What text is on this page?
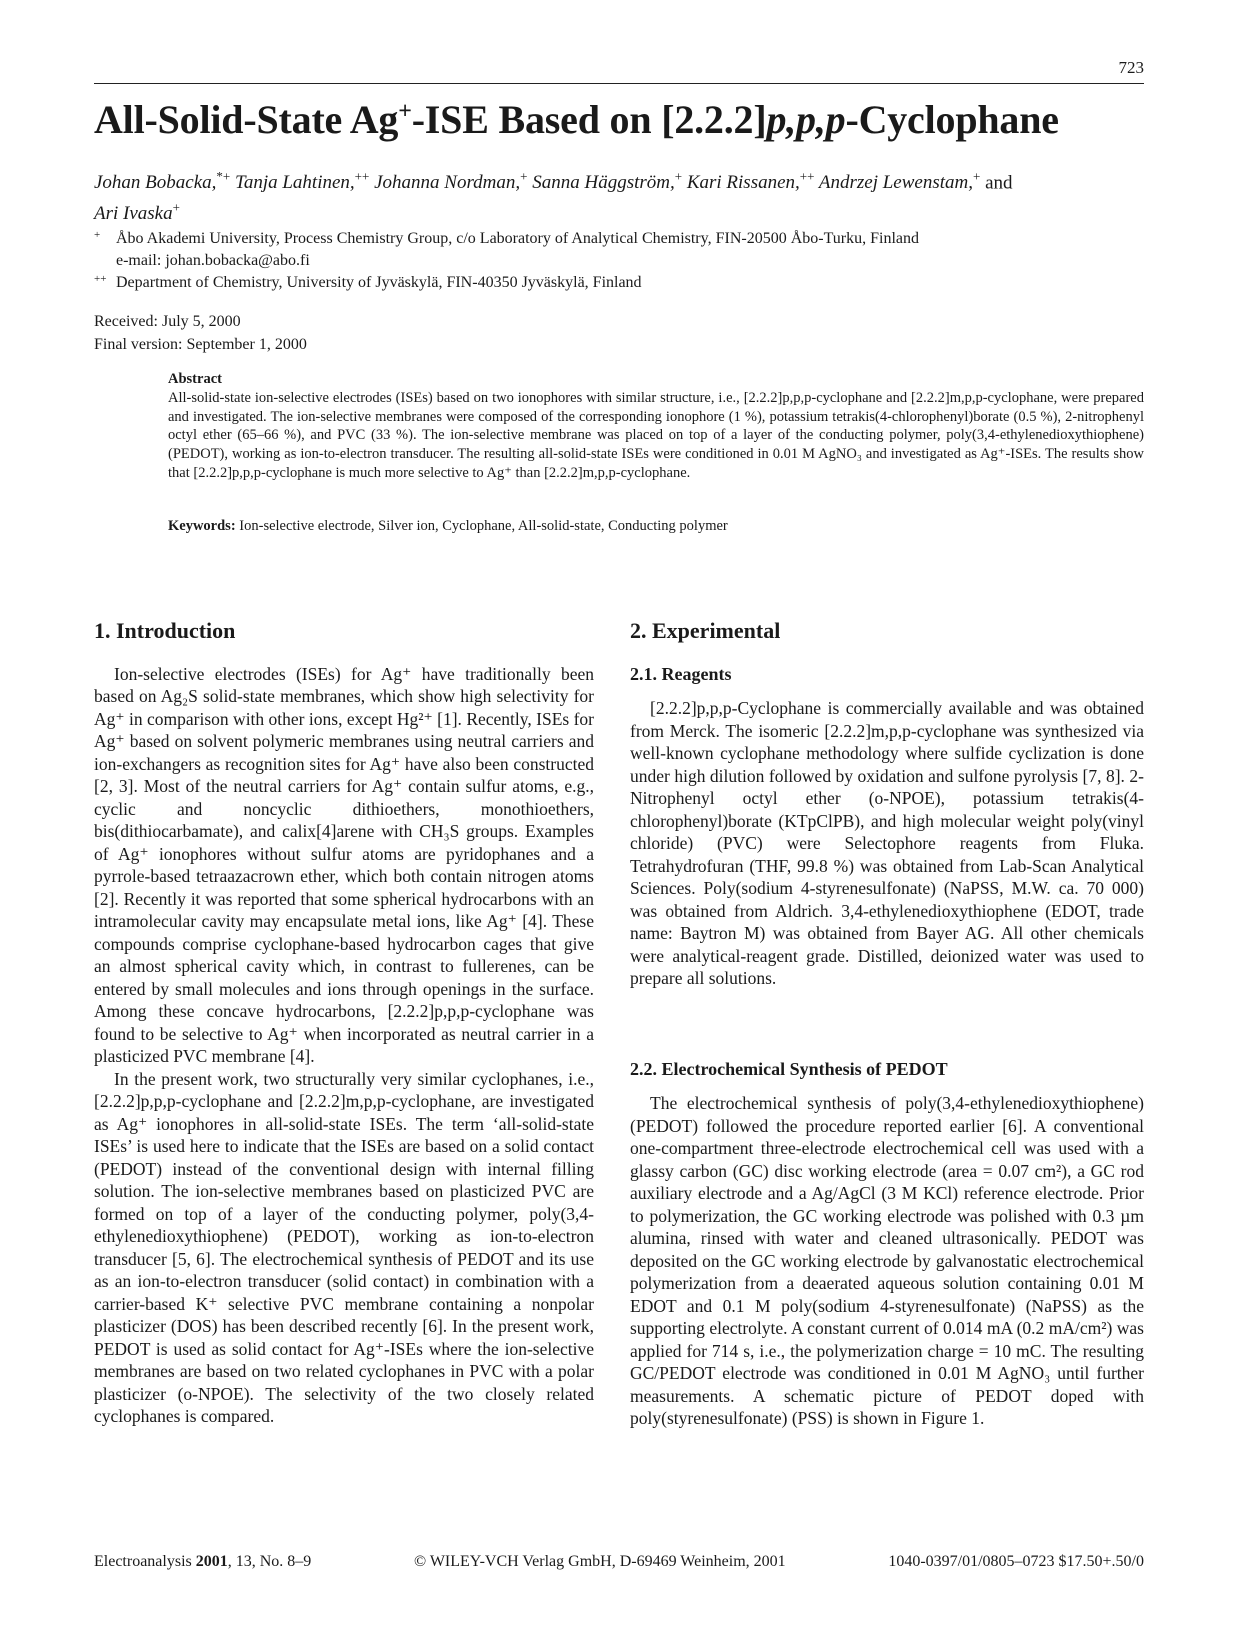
723
All-Solid-State Ag+-ISE Based on [2.2.2]p,p,p-Cyclophane
Johan Bobacka,*+ Tanja Lahtinen,++ Johanna Nordman,+ Sanna Häggström,+ Kari Rissanen,++ Andrzej Lewenstam,+ and
Ari Ivaska+
+ Åbo Akademi University, Process Chemistry Group, c/o Laboratory of Analytical Chemistry, FIN-20500 Åbo-Turku, Finland
e-mail: johan.bobacka@abo.fi
++ Department of Chemistry, University of Jyväskylä, FIN-40350 Jyväskylä, Finland
Received: July 5, 2000
Final version: September 1, 2000
Abstract
All-solid-state ion-selective electrodes (ISEs) based on two ionophores with similar structure, i.e., [2.2.2]p,p,p-cyclophane and [2.2.2]m,p,p-cyclophane, were prepared and investigated. The ion-selective membranes were composed of the corresponding ionophore (1 %), potassium tetrakis(4-chlorophenyl)borate (0.5 %), 2-nitrophenyl octyl ether (65–66 %), and PVC (33 %). The ion-selective membrane was placed on top of a layer of the conducting polymer, poly(3,4-ethylenedioxythiophene) (PEDOT), working as ion-to-electron transducer. The resulting all-solid-state ISEs were conditioned in 0.01 M AgNO₃ and investigated as Ag⁺-ISEs. The results show that [2.2.2]p,p,p-cyclophane is much more selective to Ag⁺ than [2.2.2]m,p,p-cyclophane.
Keywords: Ion-selective electrode, Silver ion, Cyclophane, All-solid-state, Conducting polymer
1. Introduction

Ion-selective electrodes (ISEs) for Ag⁺ have traditionally been based on Ag₂S solid-state membranes, which show high selectivity for Ag⁺ in comparison with other ions, except Hg²⁺ [1]. Recently, ISEs for Ag⁺ based on solvent polymeric membranes using neutral carriers and ion-exchangers as recognition sites for Ag⁺ have also been constructed [2, 3]. Most of the neutral carriers for Ag⁺ contain sulfur atoms, e.g., cyclic and noncyclic dithioethers, monothioethers, bis(dithiocarbamate), and calix[4]arene with CH₃S groups. Examples of Ag⁺ ionophores without sulfur atoms are pyridophanes and a pyrrole-based tetraazacrown ether, which both contain nitrogen atoms [2]. Recently it was reported that some spherical hydrocarbons with an intramolecular cavity may encapsulate metal ions, like Ag⁺ [4]. These compounds comprise cyclophane-based hydrocarbon cages that give an almost spherical cavity which, in contrast to fullerenes, can be entered by small molecules and ions through openings in the surface. Among these concave hydrocarbons, [2.2.2]p,p,p-cyclophane was found to be selective to Ag⁺ when incorporated as neutral carrier in a plasticized PVC membrane [4].

In the present work, two structurally very similar cyclophanes, i.e., [2.2.2]p,p,p-cyclophane and [2.2.2]m,p,p-cyclophane, are investigated as Ag⁺ ionophores in all-solid-state ISEs. The term ‘all-solid-state ISEs’ is used here to indicate that the ISEs are based on a solid contact (PEDOT) instead of the conventional design with internal filling solution. The ion-selective membranes based on plasticized PVC are formed on top of a layer of the conducting polymer, poly(3,4-ethylenedioxythiophene) (PEDOT), working as ion-to-electron transducer [5, 6]. The electrochemical synthesis of PEDOT and its use as an ion-to-electron transducer (solid contact) in combination with a carrier-based K⁺ selective PVC membrane containing a nonpolar plasticizer (DOS) has been described recently [6]. In the present work, PEDOT is used as solid contact for Ag⁺-ISEs where the ion-selective membranes are based on two related cyclophanes in PVC with a polar plasticizer (o-NPOE). The selectivity of the two closely related cyclophanes is compared.

2. Experimental
2.1. Reagents

[2.2.2]p,p,p-Cyclophane is commercially available and was obtained from Merck. The isomeric [2.2.2]m,p,p-cyclophane was synthesized via well-known cyclophane methodology where sulfide cyclization is done under high dilution followed by oxidation and sulfone pyrolysis [7, 8]. 2-Nitrophenyl octyl ether (o-NPOE), potassium tetrakis(4-chlorophenyl)borate (KTpClPB), and high molecular weight poly(vinyl chloride) (PVC) were Selectophore reagents from Fluka. Tetrahydrofuran (THF, 99.8 %) was obtained from Lab-Scan Analytical Sciences. Poly(sodium 4-styrenesulfonate) (NaPSS, M.W. ca. 70 000) was obtained from Aldrich. 3,4-ethylenedioxythiophene (EDOT, trade name: Baytron M) was obtained from Bayer AG. All other chemicals were analytical-reagent grade. Distilled, deionized water was used to prepare all solutions.

2.2. Electrochemical Synthesis of PEDOT

The electrochemical synthesis of poly(3,4-ethylenedioxythiophene) (PEDOT) followed the procedure reported earlier [6]. A conventional one-compartment three-electrode electrochemical cell was used with a glassy carbon (GC) disc working electrode (area = 0.07 cm²), a GC rod auxiliary electrode and a Ag/AgCl (3 M KCl) reference electrode. Prior to polymerization, the GC working electrode was polished with 0.3 µm alumina, rinsed with water and cleaned ultrasonically. PEDOT was deposited on the GC working electrode by galvanostatic electrochemical polymerization from a deaerated aqueous solution containing 0.01 M EDOT and 0.1 M poly(sodium 4-styrenesulfonate) (NaPSS) as the supporting electrolyte. A constant current of 0.014 mA (0.2 mA/cm²) was applied for 714 s, i.e., the polymerization charge = 10 mC. The resulting GC/PEDOT electrode was conditioned in 0.01 M AgNO₃ until further measurements. A schematic picture of PEDOT doped with poly(styrenesulfonate) (PSS) is shown in Figure 1.

Electroanalysis 2001, 13, No. 8–9	© WILEY-VCH Verlag GmbH, D-69469 Weinheim, 2001	1040-0397/01/0805–0723 $17.50+.50/0
